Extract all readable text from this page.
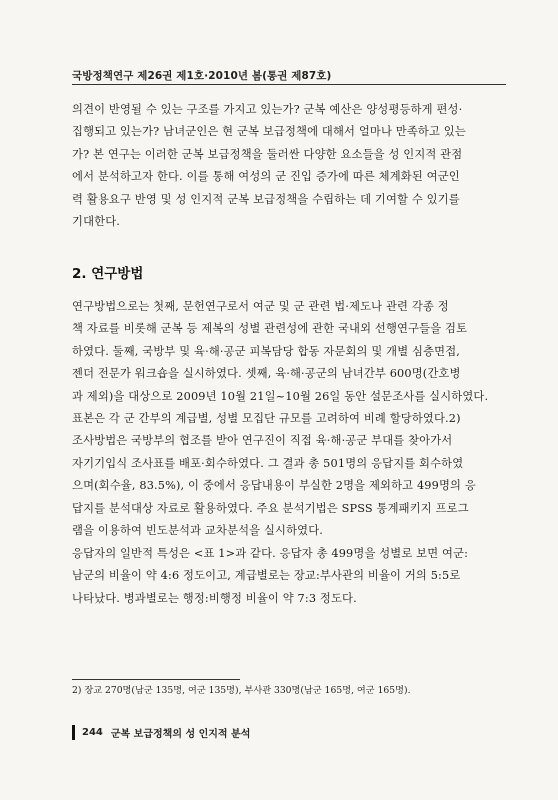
국방정책연구 제26권 제1호·2010년 봄(통권 제87호)
의견이 반영될 수 있는 구조를 가지고 있는가? 군복 예산은 양성평등하게 편성·
집행되고 있는가? 남녀군인은 현 군복 보급정책에 대해서 얼마나 만족하고 있는
가? 본 연구는 이러한 군복 보급정책을 둘러싼 다양한 요소들을 성 인지적 관점
에서 분석하고자 한다. 이를 통해 여성의 군 진입 증가에 따른 체계화된 여군인
력 활용요구 반영 및 성 인지적 군복 보급정책을 수립하는 데 기여할 수 있기를
기대한다.
2. 연구방법
연구방법으로는 첫째, 문헌연구로서 여군 및 군 관련 법·제도나 관련 각종 정
책 자료를 비롯해 군복 등 제복의 성별 관련성에 관한 국내외 선행연구들을 검토
하였다. 둘째, 국방부 및 육·해·공군 피복담당 합동 자문회의 및 개별 심층면접,
젠더 전문가 워크숍을 실시하였다. 셋째, 육·해·공군의 남녀간부 600명(간호병
과 제외)을 대상으로 2009년 10월 21일~10월 26일 동안 설문조사를 실시하였다.
표본은 각 군 간부의 계급별, 성별 모집단 규모를 고려하여 비례 할당하였다.2)
조사방법은 국방부의 협조를 받아 연구진이 직접 육·해·공군 부대를 찾아가서
자기기입식 조사표를 배포·회수하였다. 그 결과 총 501명의 응답지를 회수하였
으며(회수율, 83.5%), 이 중에서 응답내용이 부실한 2명을 제외하고 499명의 응
답지를 분석대상 자료로 활용하였다. 주요 분석기법은 SPSS 통계패키지 프로그
램을 이용하여 빈도분석과 교차분석을 실시하였다.
응답자의 일반적 특성은 <표 1>과 같다. 응답자 총 499명을 성별로 보면 여군:
남군의 비율이 약 4:6 정도이고, 계급별로는 장교:부사관의 비율이 거의 5:5로
나타났다. 병과별로는 행정:비행정 비율이 약 7:3 정도다.
2) 장교 270명(남군 135명, 여군 135명), 부사관 330명(남군 165명, 여군 165명).
244 군복 보급정책의 성 인지적 분석
